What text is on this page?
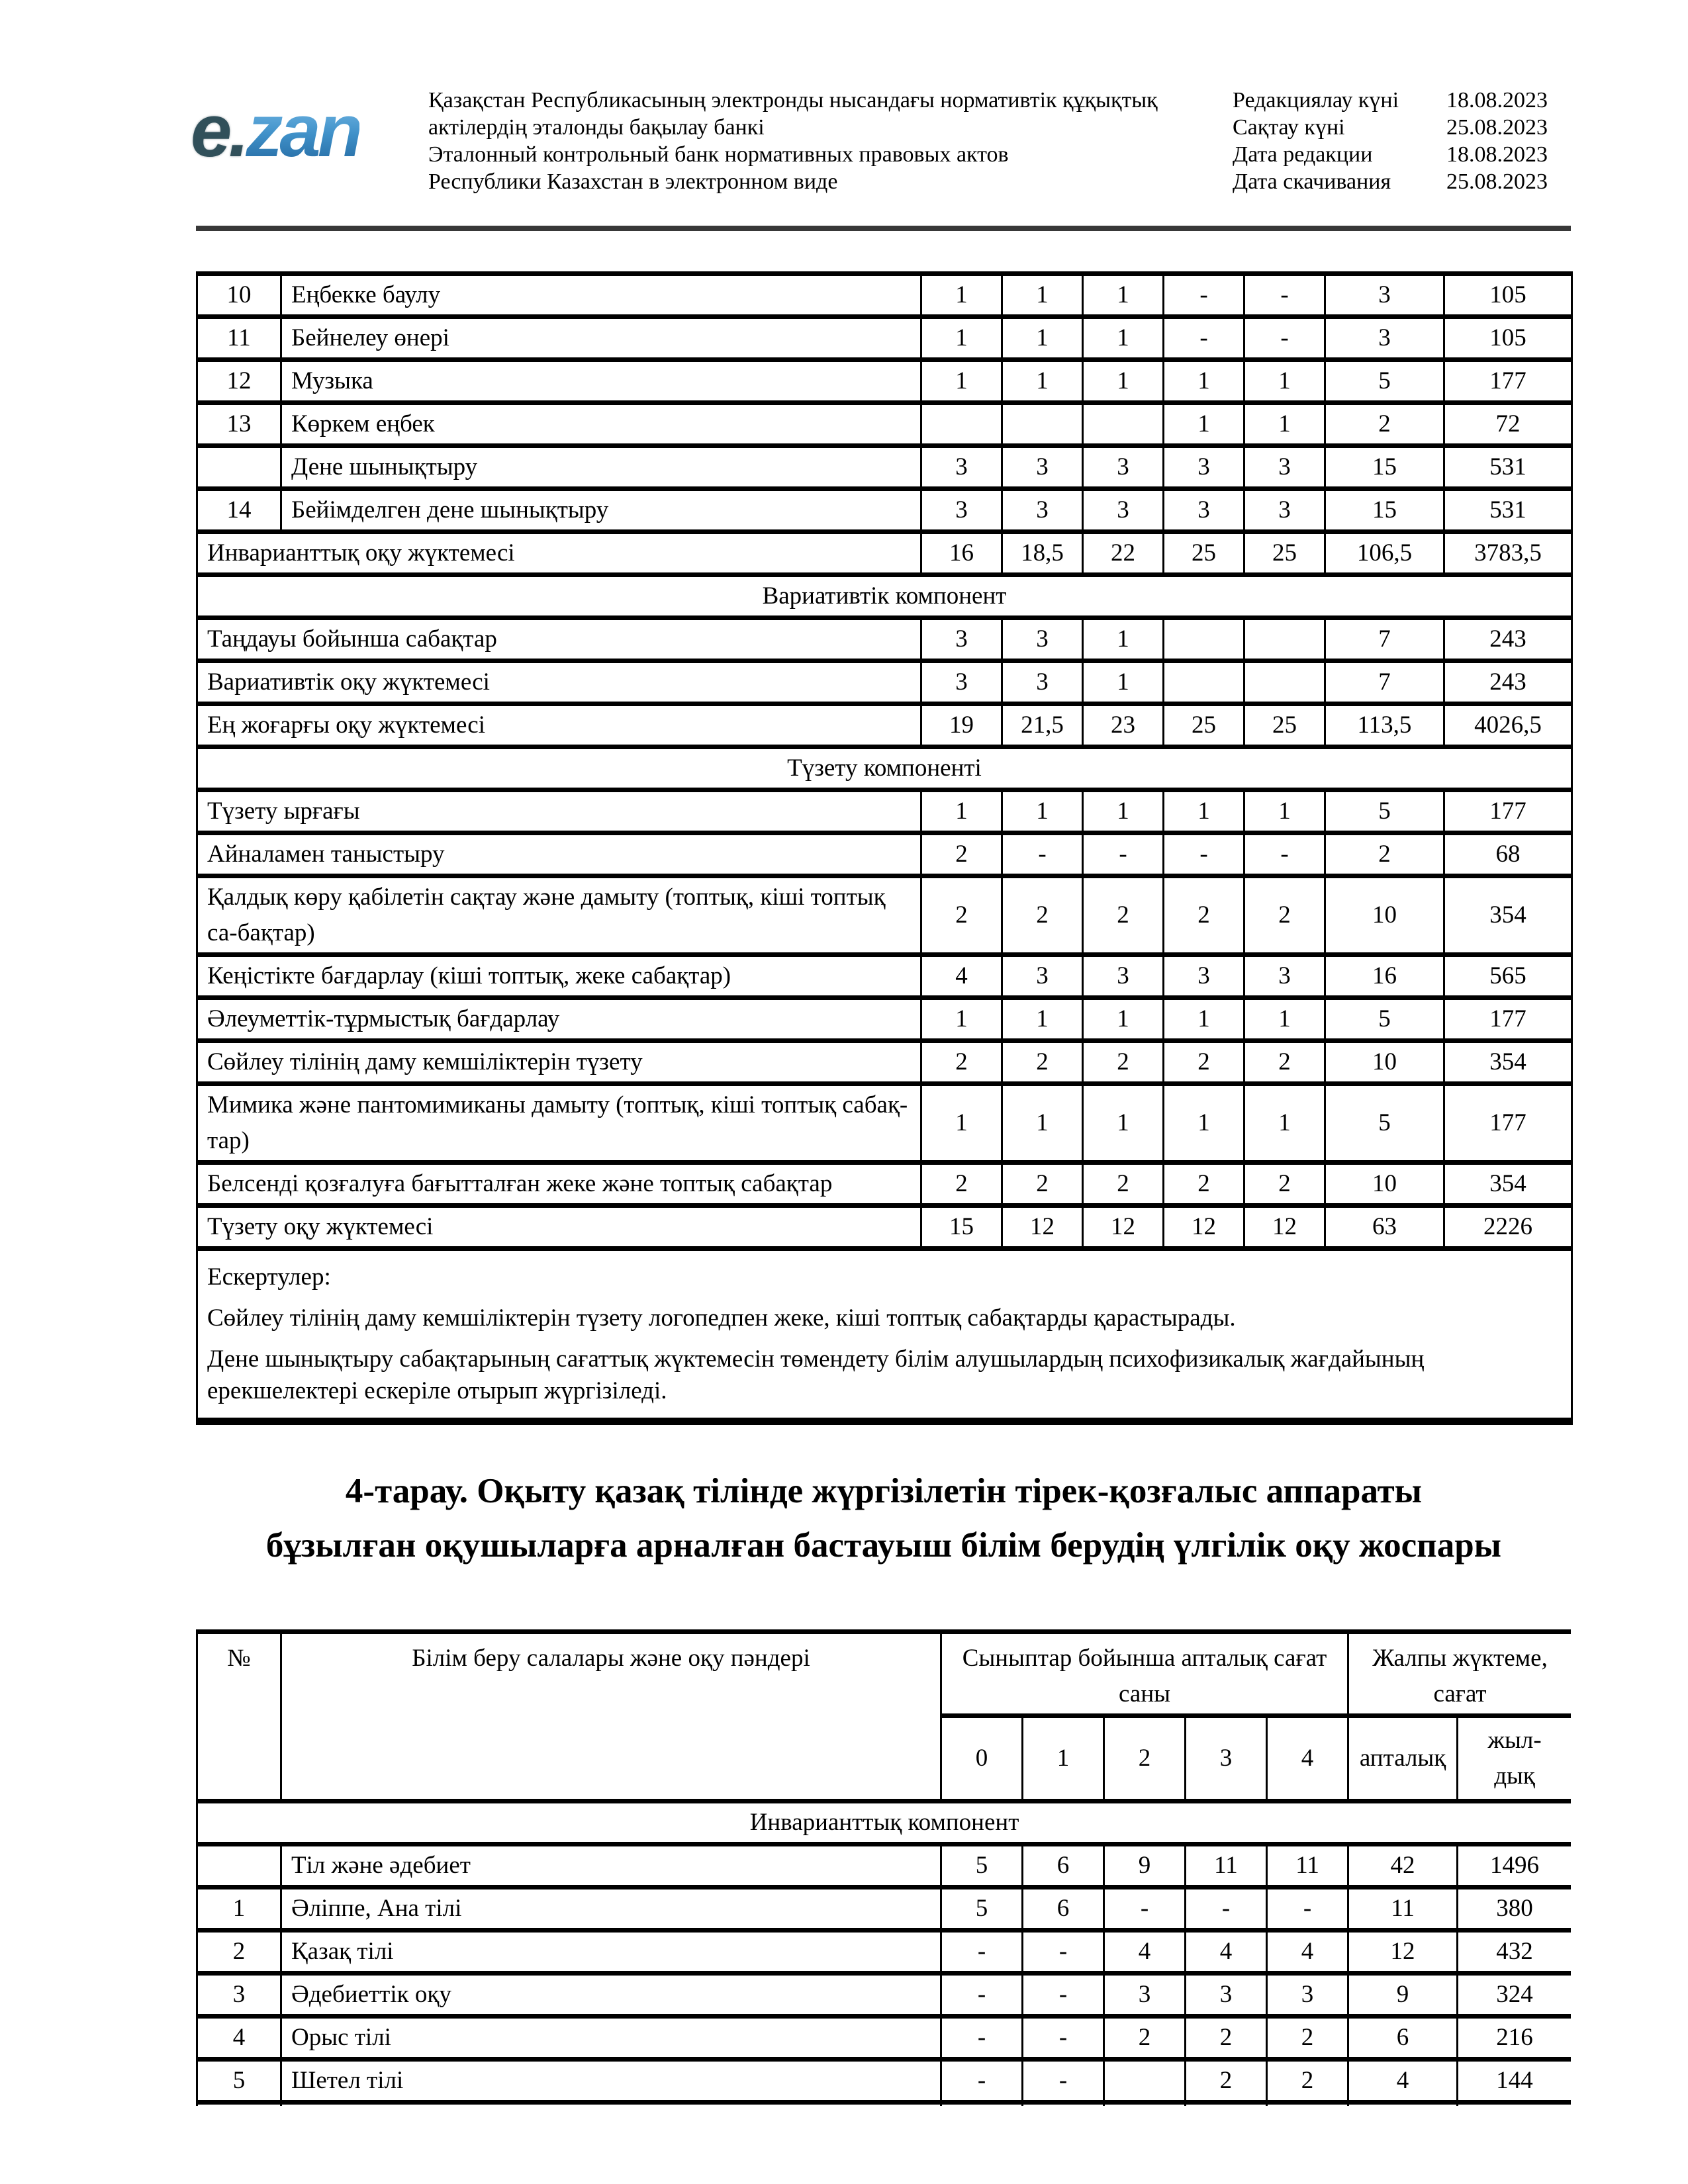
e.zan	Қазақстан Республикасының электронды нысандағы нормативтік құқықтық
актілердің эталонды бақылау банкі
Эталонный контрольный банк нормативных правовых актов
Республики Казахстан в электронном виде
Редакциялау күні	18.08.2023
Сақтау күні	25.08.2023
Дата редакции	18.08.2023
Дата скачивания	25.08.2023
10	Еңбекке баулу	1	1	1	-	-	3	105
11	Бейнелеу өнері	1	1	1	-	-	3	105
12	Музыка	1	1	1	1	1	5	177
13	Көркем еңбек				1	1	2	72
	Дене шынықтыру	3	3	3	3	3	15	531
14	Бейімделген дене шынықтыру	3	3	3	3	3	15	531
Инварианттық оқу жүктемесі		16	18,5	22	25	25	106,5	3783,5
Вариативтік компонент								
Таңдауы бойынша сабақтар		3	3	1			7	243
Вариативтік оқу жүктемесі		3	3	1			7	243
Ең жоғарғы оқу жүктемесі		19	21,5	23	25	25	113,5	4026,5
Түзету компоненті								
Түзету ырғағы		1	1	1	1	1	5	177
Айналамен таныстыру		2	-	-	-	-	2	68
Қалдық көру қабілетін сақтау және дамыту (топтық, кіші топтық са-бақтар)		2	2	2	2	2	10	354
Кеңістікте бағдарлау (кіші топтық, жеке сабақтар)		4	3	3	3	3	16	565
Әлеуметтік-тұрмыстық бағдарлау		1	1	1	1	1	5	177
Сөйлеу тілінің даму кемшіліктерін түзету		2	2	2	2	2	10	354
Мимика және пантомимиканы дамыту (топтық, кіші топтық сабақ-тар)		1	1	1	1	1	5	177
Белсенді қозғалуға бағытталған жеке және топтық сабақтар		2	2	2	2	2	10	354
Түзету оқу жүктемесі		15	12	12	12	12	63	2226

Ескертулер:

Сөйлеу тілінің даму кемшіліктерін түзету логопедпен жеке, кіші топтық сабақтарды қарастырады.

Дене шынықтыру сабақтарының сағаттық жүктемесін төмендету білім алушылардың психофизикалық жағдайының ерекшелектері ескеріле отырып жүргізіледі.								

4-тарау. Оқыту қазақ тілінде жүргізілетін тірек-қозғалыс аппараты
бұзылған оқушыларға арналған бастауыш білім берудің үлгілік оқу жоспары
№	Білім беру салалары және оқу пәндері	Сыныптар бойынша апталық сағат саны					Жалпы жүктеме, сағат	
		0	1	2	3	4	апталық	жыл-дық
Инварианттық компонент								
	Тіл және әдебиет	5	6	9	11	11	42	1496
1	Әліппе, Ана тілі	5	6	-	-	-	11	380
2	Қазақ тілі	-	-	4	4	4	12	432
3	Әдебиеттік оқу	-	-	3	3	3	9	324
4	Орыс тілі	-	-	2	2	2	6	216
5	Шетел тілі	-	-		2	2	4	144
